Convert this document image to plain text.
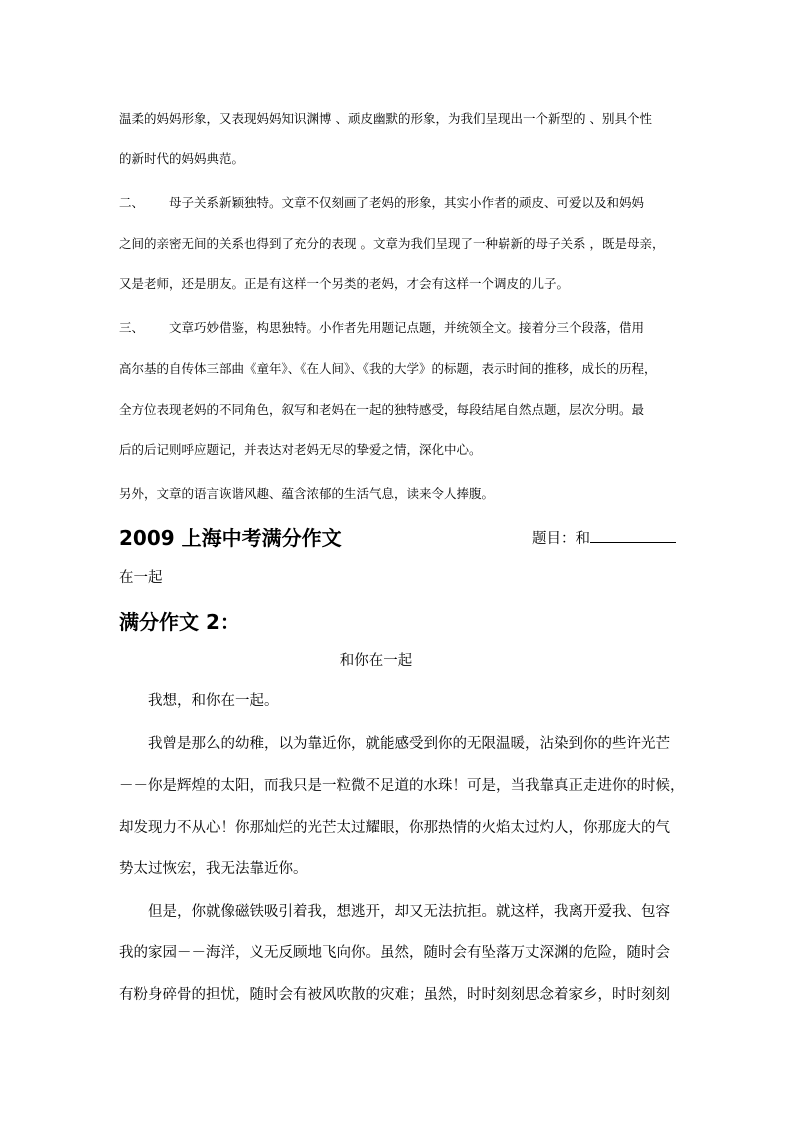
温柔的妈妈形象，又表现妈妈知识渊博 、顽皮幽默的形象，为我们呈现出一个新型的 、别具个性
的新时代的妈妈典范。
二、 母子关系新颖独特。文章不仅刻画了老妈的形象，其实小作者的顽皮、可爱以及和妈妈
之间的亲密无间的关系也得到了充分的表现 。文章为我们呈现了一种崭新的母子关系 ，既是母亲，
又是老师，还是朋友。正是有这样一个另类的老妈，才会有这样一个调皮的儿子。
三、 文章巧妙借鉴，构思独特。小作者先用题记点题，并统领全文。接着分三个段落，借用
高尔基的自传体三部曲《童年》、《在人间》、《我的大学》的标题，表示时间的推移，成长的历程，
全方位表现老妈的不同角色，叙写和老妈在一起的独特感受，每段结尾自然点题，层次分明。最
后的后记则呼应题记，并表达对老妈无尽的挚爱之情，深化中心。
另外，文章的语言诙谐风趣、蕴含浓郁的生活气息，读来令人捧腹。
2009 上海中考满分作文	题目：和
在一起
满分作文 2：
和你在一起
我想，和你在一起。
我曾是那么的幼稚，以为靠近你，就能感受到你的无限温暖，沾染到你的些许光芒
－－你是辉煌的太阳，而我只是一粒微不足道的水珠！可是，当我靠真正走进你的时候，
却发现力不从心！你那灿烂的光芒太过耀眼，你那热情的火焰太过灼人，你那庞大的气
势太过恢宏，我无法靠近你。
但是，你就像磁铁吸引着我，想逃开，却又无法抗拒。就这样，我离开爱我、包容
我的家园－－海洋，义无反顾地飞向你。虽然，随时会有坠落万丈深渊的危险，随时会
有粉身碎骨的担忧，随时会有被风吹散的灾难；虽然，时时刻刻思念着家乡，时时刻刻
